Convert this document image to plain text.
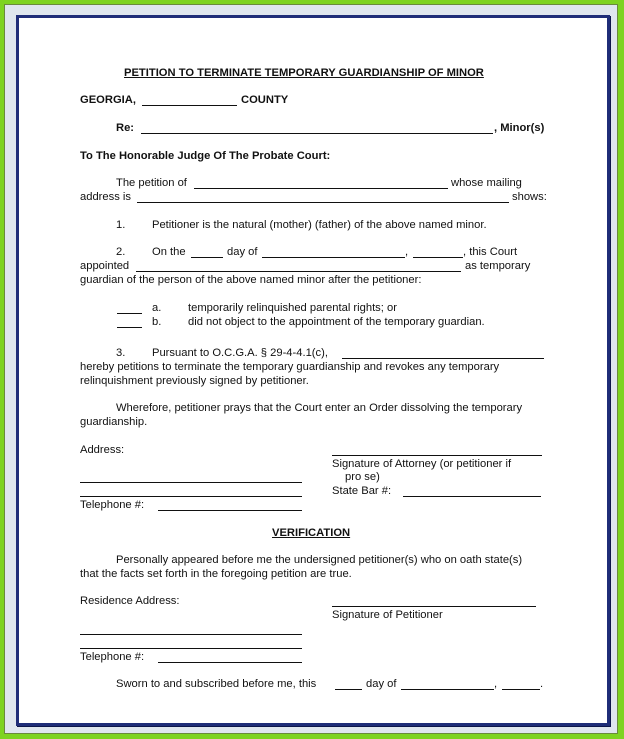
PETITION TO TERMINATE TEMPORARY GUARDIANSHIP OF MINOR
GEORGIA,	COUNTY
Re:	, Minor(s)
To The Honorable Judge Of The Probate Court:
The petition of	whose mailing
address is	shows:
1. Petitioner is the natural (mother) (father) of the above named minor.
2. On the	day of	,	, this Court
appointed	as temporary
guardian of the person of the above named minor after the petitioner:
a. temporarily relinquished parental rights; or
b. did not object to the appointment of the temporary guardian.
3. Pursuant to O.C.G.A. § 29-4-4.1(c),
hereby petitions to terminate the temporary guardianship and revokes any temporary
relinquishment previously signed by petitioner.
Wherefore, petitioner prays that the Court enter an Order dissolving the temporary
guardianship.
Address:
Signature of Attorney (or petitioner if
pro se)
State Bar #:
Telephone #:
VERIFICATION
Personally appeared before me the undersigned petitioner(s) who on oath state(s)
that the facts set forth in the foregoing petition are true.
Residence Address:
Signature of Petitioner
Telephone #:
Sworn to and subscribed before me, this	day of	,	.
